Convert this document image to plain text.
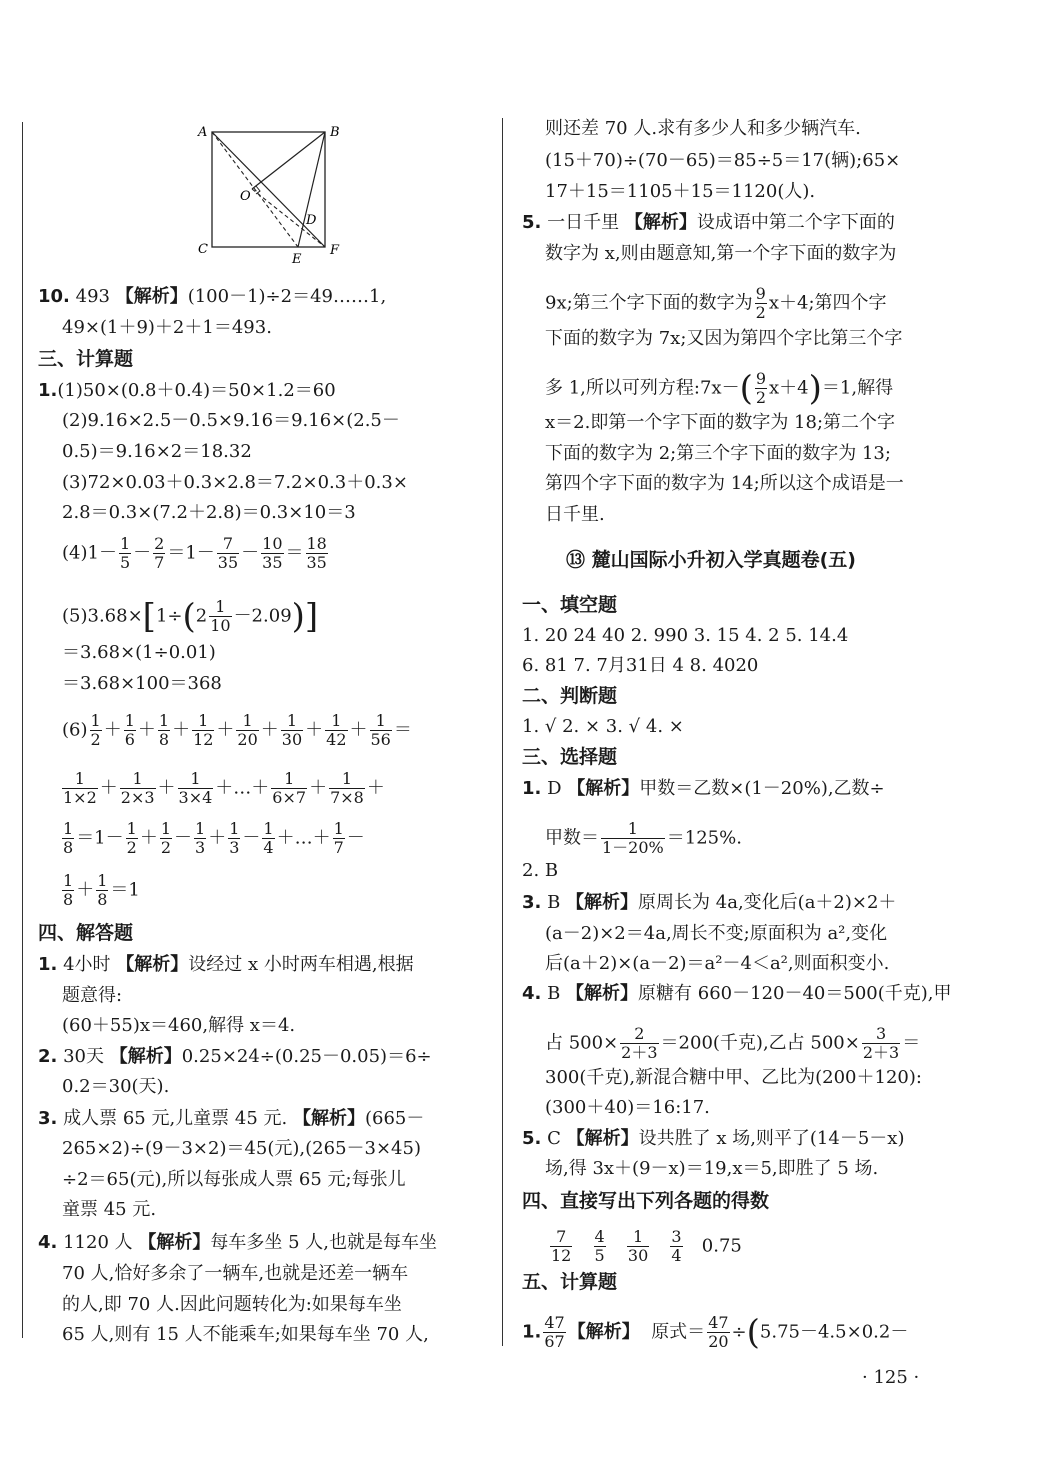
A	B
C
E
F
O
D
10. 493 【解析】(100－1)÷2＝49……1,
49×(1＋9)＋2＋1＝493.
三、计算题
1.(1)50×(0.8＋0.4)＝50×1.2＝60
(2)9.16×2.5－0.5×9.16＝9.16×(2.5－
0.5)＝9.16×2＝18.32
(3)72×0.03＋0.3×2.8＝7.2×0.3＋0.3×
2.8＝0.3×(7.2＋2.8)＝0.3×10＝3
$(4)1- \frac{1}{5} - \frac{2}{7} =1- \frac{7}{35} - \frac{10}{35} = \frac{18}{35}$
$(5)3.68\times[1\div(2 \frac{1}{10} -2.09)]$
＝3.68×(1÷0.01)
＝3.68×100＝368
$(6) \frac{1}{2} + \frac{1}{6} + \frac{1}{8} + \frac{1}{12} + \frac{1}{20} + \frac{1}{30} + \frac{1}{42} + \frac{1}{56}$ ＝
$\frac{1}{1\times 2} + \frac{1}{2\times 3} + \frac{1}{3\times 4}$ ＋…＋ $\frac{1}{6\times 7} + \frac{1}{7\times 8}$ ＋
$\frac{1}{8} =1- \frac{1}{2} + \frac{1}{2} - \frac{1}{3} + \frac{1}{3} - \frac{1}{4}$ ＋…＋ $\frac{1}{7}$ －
$\frac{1}{8} + \frac{1}{8} =1$
四、解答题
1. 4小时 【解析】设经过 x 小时两车相遇,根据
题意得:
(60＋55)x＝460,解得 x＝4.
2. 30天 【解析】0.25×24÷(0.25－0.05)＝6÷
0.2＝30(天).
3. 成人票 65 元,儿童票 45 元. 【解析】(665－
265×2)÷(9－3×2)＝45(元),(265－3×45)
÷2＝65(元),所以每张成人票 65 元;每张儿
童票 45 元.
4. 1120 人 【解析】每车多坐 5 人,也就是每车坐
70 人,恰好多余了一辆车,也就是还差一辆车
的人,即 70 人.因此问题转化为:如果每车坐
65 人,则有 15 人不能乘车;如果每车坐 70 人,
则还差 70 人.求有多少人和多少辆汽车.
(15＋70)÷(70－65)＝85÷5＝17(辆);65×
17＋15＝1105＋15＝1120(人).
5. 一日千里 【解析】设成语中第二个字下面的
数字为 x,则由题意知,第一个字下面的数字为
9x;第三个字下面的数字为 $\frac{9}{2} x+4$;第四个字
下面的数字为 7x;又因为第四个字比第三个字
多 1,所以可列方程:7x－( $\frac{9}{2} x+4)=1$,解得
x＝2.即第一个字下面的数字为 18;第二个字
下面的数字为 2;第三个字下面的数字为 13;
第四个字下面的数字为 14;所以这个成语是一
日千里.
⑬ 麓山国际小升初入学真题卷(五)
一、填空题
1. 20 24 40 2. 990 3. 15 4. 2 5. 14.4
6. 81 7. 7月31日 4 8. 4020
二、判断题
1. √ 2. × 3. √ 4. ×
三、选择题
1. D 【解析】甲数＝乙数×(1－20%),乙数÷
甲数＝ $\frac{1}{1-20\%} =125\%$.
2. B
3. B 【解析】原周长为 4a,变化后(a＋2)×2＋
(a－2)×2＝4a,周长不变;原面积为 a²,变化
后(a＋2)×(a－2)＝a²－4＜a²,则面积变小.
4. B 【解析】原糖有 660－120－40＝500(千克),甲
占 $500\times \frac{2}{2+3} =200$(千克),乙占 $500\times \frac{3}{2+3}$ ＝
300(千克),新混合糖中甲、乙比为(200＋120):
(300＋40)＝16:17.
5. C 【解析】设共胜了 x 场,则平了(14－5－x)
场,得 3x＋(9－x)＝19,x＝5,即胜了 5 场.
四、直接写出下列各题的得数
$\frac{7}{12}$
$\frac{4}{5}$
$\frac{1}{30}$
$\frac{3}{4} 0.75$
五、计算题
1. $\frac{47}{67}$ 【解析】 原式＝ $\frac{47}{20} \div(5.75-4.5\times 0.2-$
· 125 ·
